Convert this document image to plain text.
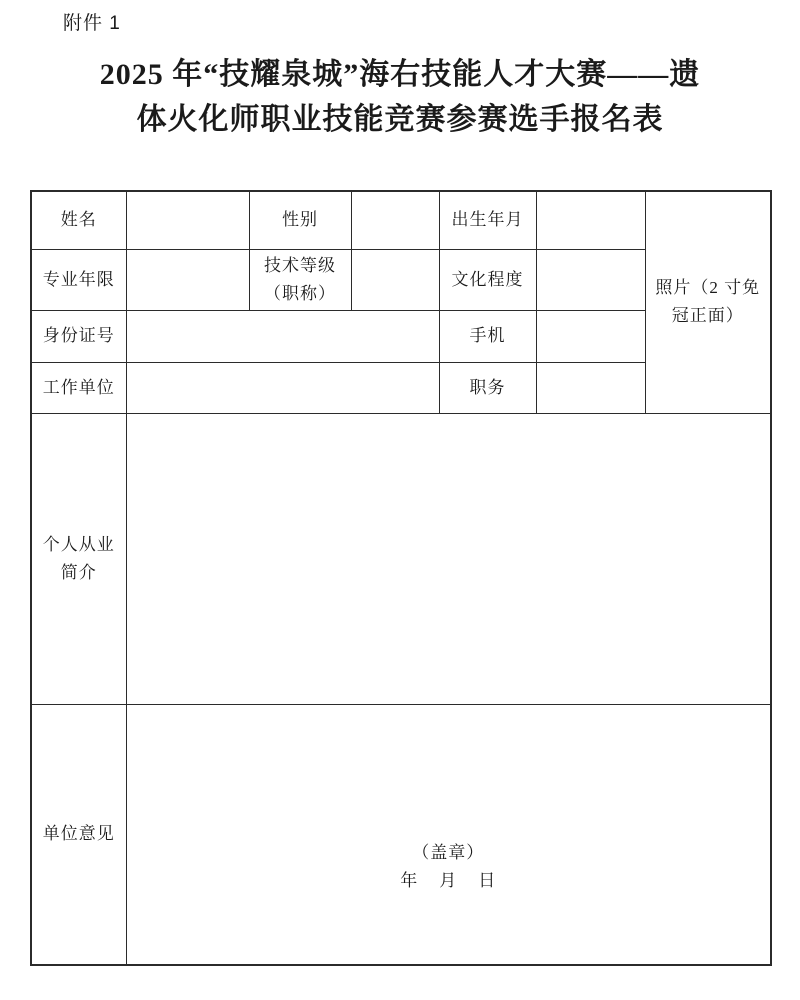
附件 1
2025 年“技耀泉城”海右技能人才大赛——遗
体火化师职业技能竞赛参赛选手报名表
姓名		性别		出生年月		照片（2 寸免
冠正面）

专业年限		技术等级
（职称）		文化程度		
身份证号				手机		
工作单位				职务		

个人从业
简介						

单位意见	（盖章）
年 月 日					
